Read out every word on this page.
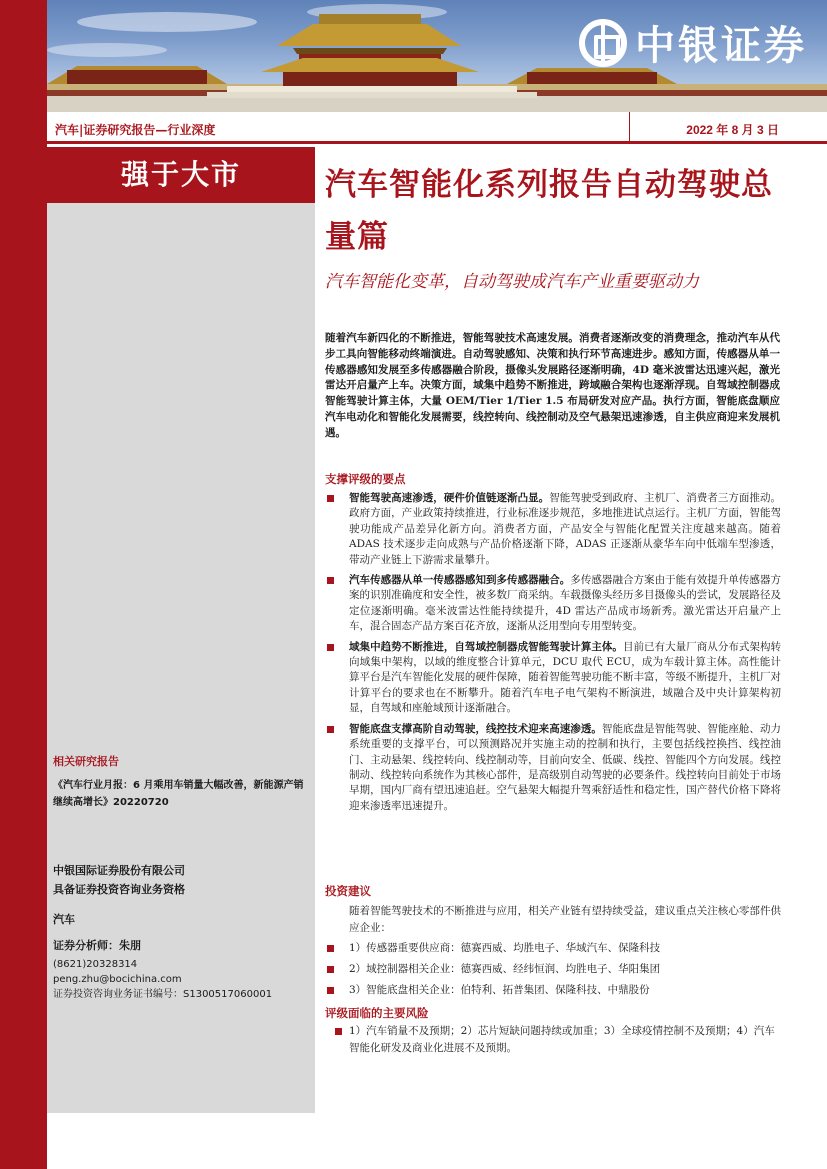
中银证券
汽车|证券研究报告—行业深度	2022 年 8 月 3 日
强于大市
相关研究报告
《汽车行业月报：6 月乘用车销量大幅改善，新能源产销继续高增长》20220720
中银国际证券股份有限公司
具备证券投资咨询业务资格
汽车
证券分析师：朱朋
(8621)20328314
peng.zhu@bocichina.com
证券投资咨询业务证书编号：S1300517060001
汽车智能化系列报告自动驾驶总量篇
汽车智能化变革，自动驾驶成汽车产业重要驱动力
随着汽车新四化的不断推进，智能驾驶技术高速发展。消费者逐渐改变的消费理念，推动汽车从代步工具向智能移动终端演进。自动驾驶感知、决策和执行环节高速进步。感知方面，传感器从单一传感器感知发展至多传感器融合阶段，摄像头发展路径逐渐明确，4D 毫米波雷达迅速兴起，激光雷达开启量产上车。决策方面，域集中趋势不断推进，跨域融合架构也逐渐浮现。自驾域控制器成智能驾驶计算主体，大量 OEM/Tier 1/Tier 1.5 布局研发对应产品。执行方面，智能底盘顺应汽车电动化和智能化发展需要，线控转向、线控制动及空气悬架迅速渗透，自主供应商迎来发展机遇。
支撑评级的要点
智能驾驶高速渗透，硬件价值链逐渐凸显。智能驾驶受到政府、主机厂、消费者三方面推动。政府方面，产业政策持续推进，行业标准逐步规范，多地推进试点运行。主机厂方面，智能驾驶功能成产品差异化新方向。消费者方面，产品安全与智能化配置关注度越来越高。随着 ADAS 技术逐步走向成熟与产品价格逐渐下降，ADAS 正逐渐从豪华车向中低端车型渗透，带动产业链上下游需求量攀升。
汽车传感器从单一传感器感知到多传感器融合。多传感器融合方案由于能有效提升单传感器方案的识别准确度和安全性，被多数厂商采纳。车载摄像头经历多目摄像头的尝试，发展路径及定位逐渐明确。毫米波雷达性能持续提升，4D 雷达产品成市场新秀。激光雷达开启量产上车，混合固态产品方案百花齐放，逐渐从泛用型向专用型转变。
域集中趋势不断推进，自驾域控制器成智能驾驶计算主体。目前已有大量厂商从分布式架构转向域集中架构，以域的维度整合计算单元，DCU 取代 ECU，成为车载计算主体。高性能计算平台是汽车智能化发展的硬件保障，随着智能驾驶功能不断丰富，等级不断提升，主机厂对计算平台的要求也在不断攀升。随着汽车电子电气架构不断演进，域融合及中央计算架构初显，自驾域和座舱域预计逐渐融合。
智能底盘支撑高阶自动驾驶，线控技术迎来高速渗透。智能底盘是智能驾驶、智能座舱、动力系统重要的支撑平台，可以预测路况并实施主动的控制和执行，主要包括线控换挡、线控油门、主动悬架、线控转向、线控制动等，目前向安全、低碳、线控、智能四个方向发展。线控制动、线控转向系统作为其核心部件，是高级别自动驾驶的必要条件。线控转向目前处于市场早期，国内厂商有望迅速追赶。空气悬架大幅提升驾乘舒适性和稳定性，国产替代价格下降将迎来渗透率迅速提升。
投资建议
随着智能驾驶技术的不断推进与应用，相关产业链有望持续受益，建议重点关注核心零部件供应企业：
1）传感器重要供应商：德赛西威、均胜电子、华域汽车、保隆科技
2）域控制器相关企业：德赛西威、经纬恒润、均胜电子、华阳集团
3）智能底盘相关企业：伯特利、拓普集团、保隆科技、中鼎股份
评级面临的主要风险
1）汽车销量不及预期；2）芯片短缺问题持续或加重；3）全球疫情控制不及预期；4）汽车智能化研发及商业化进展不及预期。
